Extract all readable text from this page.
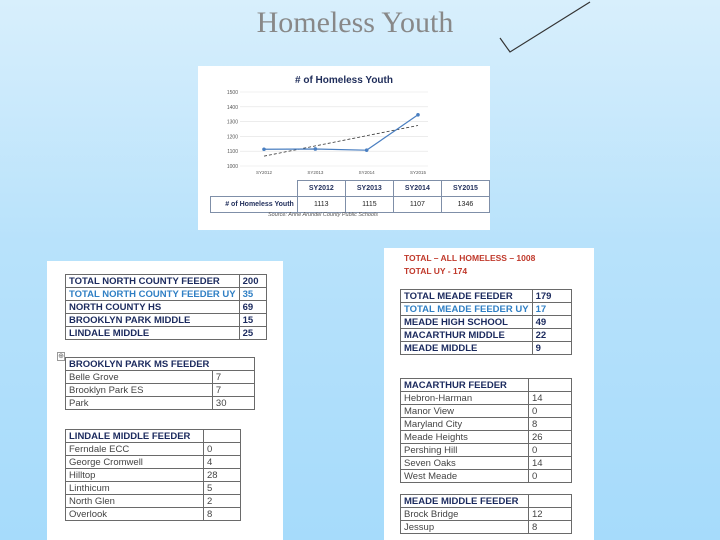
Homeless Youth
# of Homeless Youth
1000
1100
1200
1300
1400
1500
SY2012	SY2013	SY2014	SY2015
	SY2012	SY2013	SY2014	SY2015
# of Homeless Youth	1113	1115	1107	1346
Source: Anne Arundel County Public Schools
TOTAL NORTH COUNTY FEEDER	200
TOTAL NORTH COUNTY FEEDER UY	35
NORTH COUNTY HS	69
BROOKLYN PARK MIDDLE	15
LINDALE MIDDLE	25
BROOKLYN PARK MS FEEDER	
Belle Grove	7
Brooklyn Park ES	7
Park	30
LINDALE MIDDLE FEEDER	
Ferndale ECC	0
George Cromwell	4
Hilltop	28
Linthicum	5
North Glen	2
Overlook	8
⊕
TOTAL – ALL HOMELESS – 1008
TOTAL UY - 174
TOTAL MEADE FEEDER	179
TOTAL MEADE FEEDER UY	17
MEADE HIGH SCHOOL	49
MACARTHUR MIDDLE	22
MEADE MIDDLE	9
MACARTHUR FEEDER	
Hebron-Harman	14
Manor View	0
Maryland City	8
Meade Heights	26
Pershing Hill	0
Seven Oaks	14
West Meade	0
MEADE MIDDLE FEEDER	
Brock Bridge	12
Jessup	8
